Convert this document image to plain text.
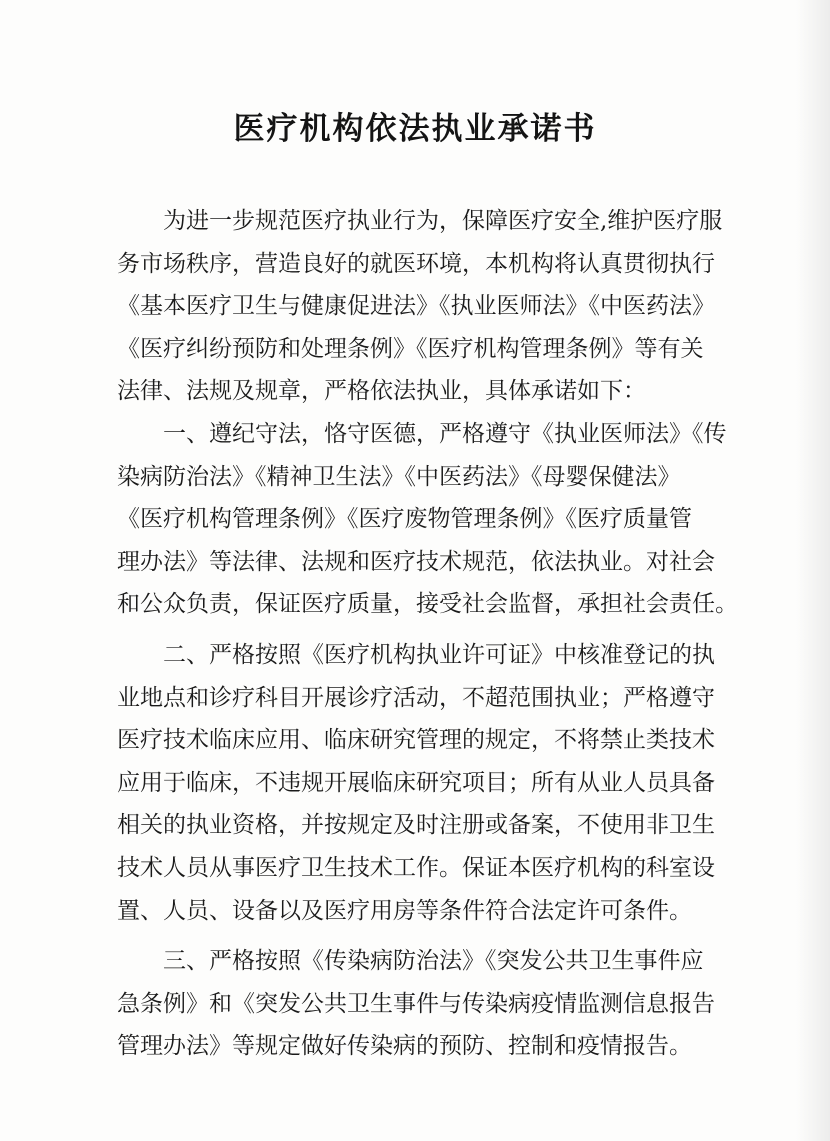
医疗机构依法执业承诺书

为进一步规范医疗执业行为，保障医疗安全,维护医疗服
务市场秩序，营造良好的就医环境，本机构将认真贯彻执行
《基本医疗卫生与健康促进法》《执业医师法》《中医药法》
《医疗纠纷预防和处理条例》《医疗机构管理条例》等有关
法律、法规及规章，严格依法执业，具体承诺如下：

一、遵纪守法，恪守医德，严格遵守《执业医师法》《传
染病防治法》《精神卫生法》《中医药法》《母婴保健法》
《医疗机构管理条例》《医疗废物管理条例》《医疗质量管
理办法》等法律、法规和医疗技术规范，依法执业。对社会
和公众负责，保证医疗质量，接受社会监督，承担社会责任。

二、严格按照《医疗机构执业许可证》中核准登记的执
业地点和诊疗科目开展诊疗活动，不超范围执业；严格遵守
医疗技术临床应用、临床研究管理的规定，不将禁止类技术
应用于临床，不违规开展临床研究项目；所有从业人员具备
相关的执业资格，并按规定及时注册或备案，不使用非卫生
技术人员从事医疗卫生技术工作。保证本医疗机构的科室设
置、人员、设备以及医疗用房等条件符合法定许可条件。

三、严格按照《传染病防治法》《突发公共卫生事件应
急条例》和《突发公共卫生事件与传染病疫情监测信息报告
管理办法》等规定做好传染病的预防、控制和疫情报告。
